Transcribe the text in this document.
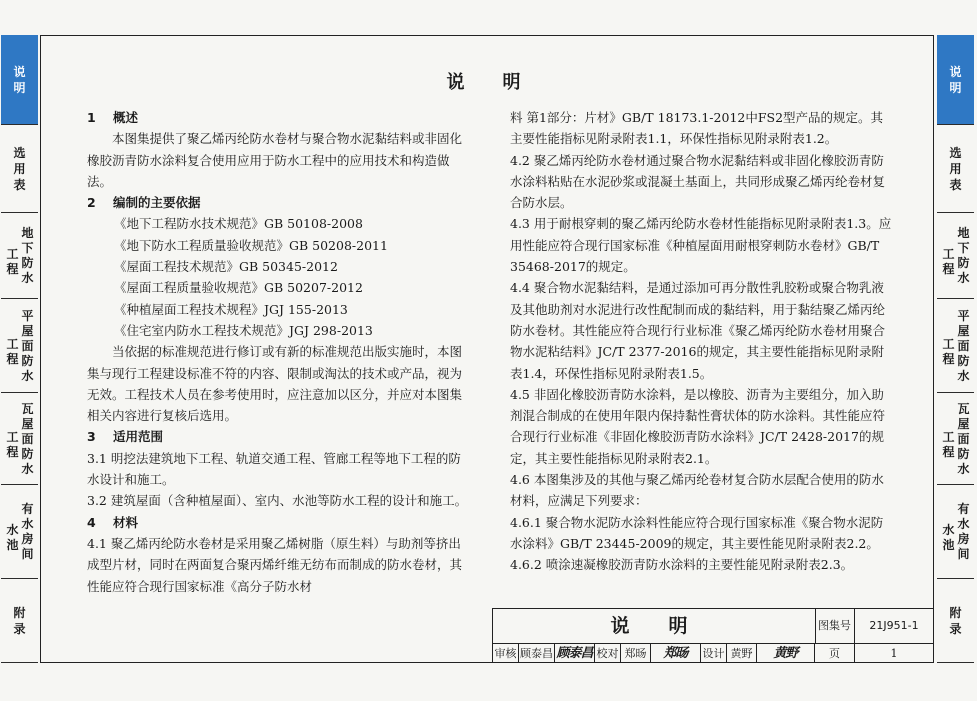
说
明
选
用
表
工
程
地
下
防
水
工
程
平
屋
面
防
水
工
程
瓦
屋
面
防
水
水
池
有
水
房
间
附
录
说
明
选
用
表
工
程
地
下
防
水
工
程
平
屋
面
防
水
工
程
瓦
屋
面
防
水
水
池
有
水
房
间
附
录
说　明

1 概述

本图集提供了聚乙烯丙纶防水卷材与聚合物水泥黏结料或非固化橡胶沥青防水涂料复合使用应用于防水工程中的应用技术和构造做法。

2 编制的主要依据

《地下工程防水技术规范》GB 50108-2008

《地下防水工程质量验收规范》GB 50208-2011

《屋面工程技术规范》GB 50345-2012

《屋面工程质量验收规范》GB 50207-2012

《种植屋面工程技术规程》JGJ 155-2013

《住宅室内防水工程技术规范》JGJ 298-2013

当依据的标准规范进行修订或有新的标准规范出版实施时，本图集与现行工程建设标准不符的内容、限制或淘汰的技术或产品，视为无效。工程技术人员在参考使用时，应注意加以区分，并应对本图集相关内容进行复核后选用。

3 适用范围

3.1 明挖法建筑地下工程、轨道交通工程、管廊工程等地下工程的防水设计和施工。

3.2 建筑屋面（含种植屋面）、室内、水池等防水工程的设计和施工。

4 材料

4.1 聚乙烯丙纶防水卷材是采用聚乙烯树脂（原生料）与助剂等挤出成型片材，同时在两面复合聚丙烯纤维无纺布而制成的防水卷材，其性能应符合现行国家标准《高分子防水材

料 第1部分：片材》GB/T 18173.1-2012中FS2型产品的规定。其主要性能指标见附录附表1.1，环保性指标见附录附表1.2。

4.2 聚乙烯丙纶防水卷材通过聚合物水泥黏结料或非固化橡胶沥青防水涂料粘贴在水泥砂浆或混凝土基面上，共同形成聚乙烯丙纶卷材复合防水层。

4.3 用于耐根穿刺的聚乙烯丙纶防水卷材性能指标见附录附表1.3。应用性能应符合现行国家标准《种植屋面用耐根穿刺防水卷材》GB/T 35468-2017的规定。

4.4 聚合物水泥黏结料，是通过添加可再分散性乳胶粉或聚合物乳液及其他助剂对水泥进行改性配制而成的黏结料，用于黏结聚乙烯丙纶防水卷材。其性能应符合现行行业标准《聚乙烯丙纶防水卷材用聚合物水泥粘结料》JC/T 2377-2016的规定，其主要性能指标见附录附表1.4，环保性指标见附录附表1.5。

4.5 非固化橡胶沥青防水涂料，是以橡胶、沥青为主要组分，加入助剂混合制成的在使用年限内保持黏性膏状体的防水涂料。其性能应符合现行行业标准《非固化橡胶沥青防水涂料》JC/T 2428-2017的规定，其主要性能指标见附录附表2.1。

4.6 本图集涉及的其他与聚乙烯丙纶卷材复合防水层配合使用的防水材料，应满足下列要求：

4.6.1 聚合物水泥防水涂料性能应符合现行国家标准《聚合物水泥防水涂料》GB/T 23445-2009的规定，其主要性能见附录附表2.2。

4.6.2 喷涂速凝橡胶沥青防水涂料的主要性能见附录附表2.3。

说　明	图集号	21J951-1
审核 顾泰昌 顾泰昌 校对 郑旸	郑旸	设计 黄野	黄野	页	1
